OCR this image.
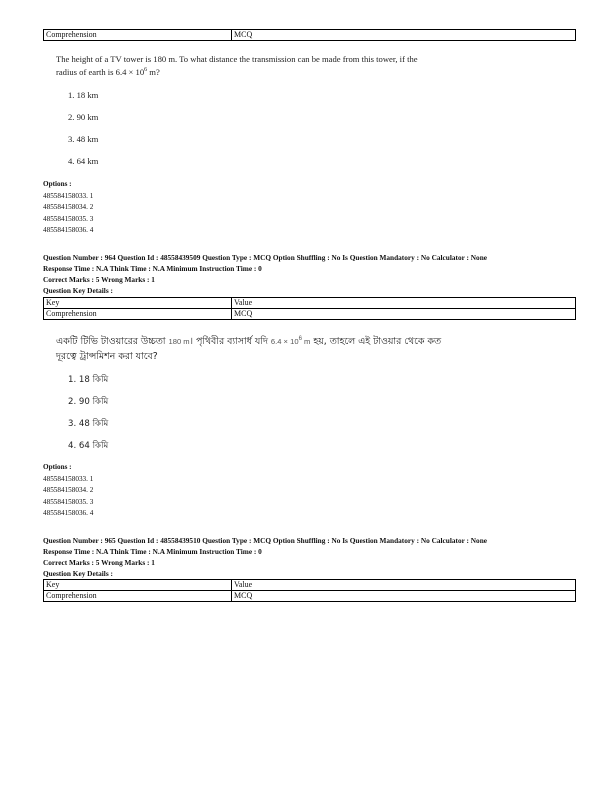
Comprehension	MCQ
The height of a TV tower is 180 m. To what distance the transmission can be made from this tower, if the
radius of earth is $6.4 \times 10^6$ m?
1. 18 km
2. 90 km
3. 48 km
4. 64 km
Options :
485584158033. 1
485584158034. 2
485584158035. 3
485584158036. 4
Question Number : 964 Question Id : 48558439509 Question Type : MCQ Option Shuffling : No Is Question Mandatory : No Calculator : None
Response Time : N.A Think Time : N.A Minimum Instruction Time : 0
Correct Marks : 5 Wrong Marks : 1
Question Key Details :
Key	Value
Comprehension	MCQ
একটি টিভি টাওয়ারের উচ্চতা 180 m। পৃথিবীর ব্যাসার্ধ যদি $6.4 \times 10^6$ m হয়, তাহলে এই টাওয়ার থেকে কত
দূরত্বে ট্রান্সমিশন করা যাবে?
1. 18 কিমি
2. 90 কিমি
3. 48 কিমি
4. 64 কিমি
Options :
485584158033. 1
485584158034. 2
485584158035. 3
485584158036. 4
Question Number : 965 Question Id : 48558439510 Question Type : MCQ Option Shuffling : No Is Question Mandatory : No Calculator : None
Response Time : N.A Think Time : N.A Minimum Instruction Time : 0
Correct Marks : 5 Wrong Marks : 1
Question Key Details :
Key	Value
Comprehension	MCQ
